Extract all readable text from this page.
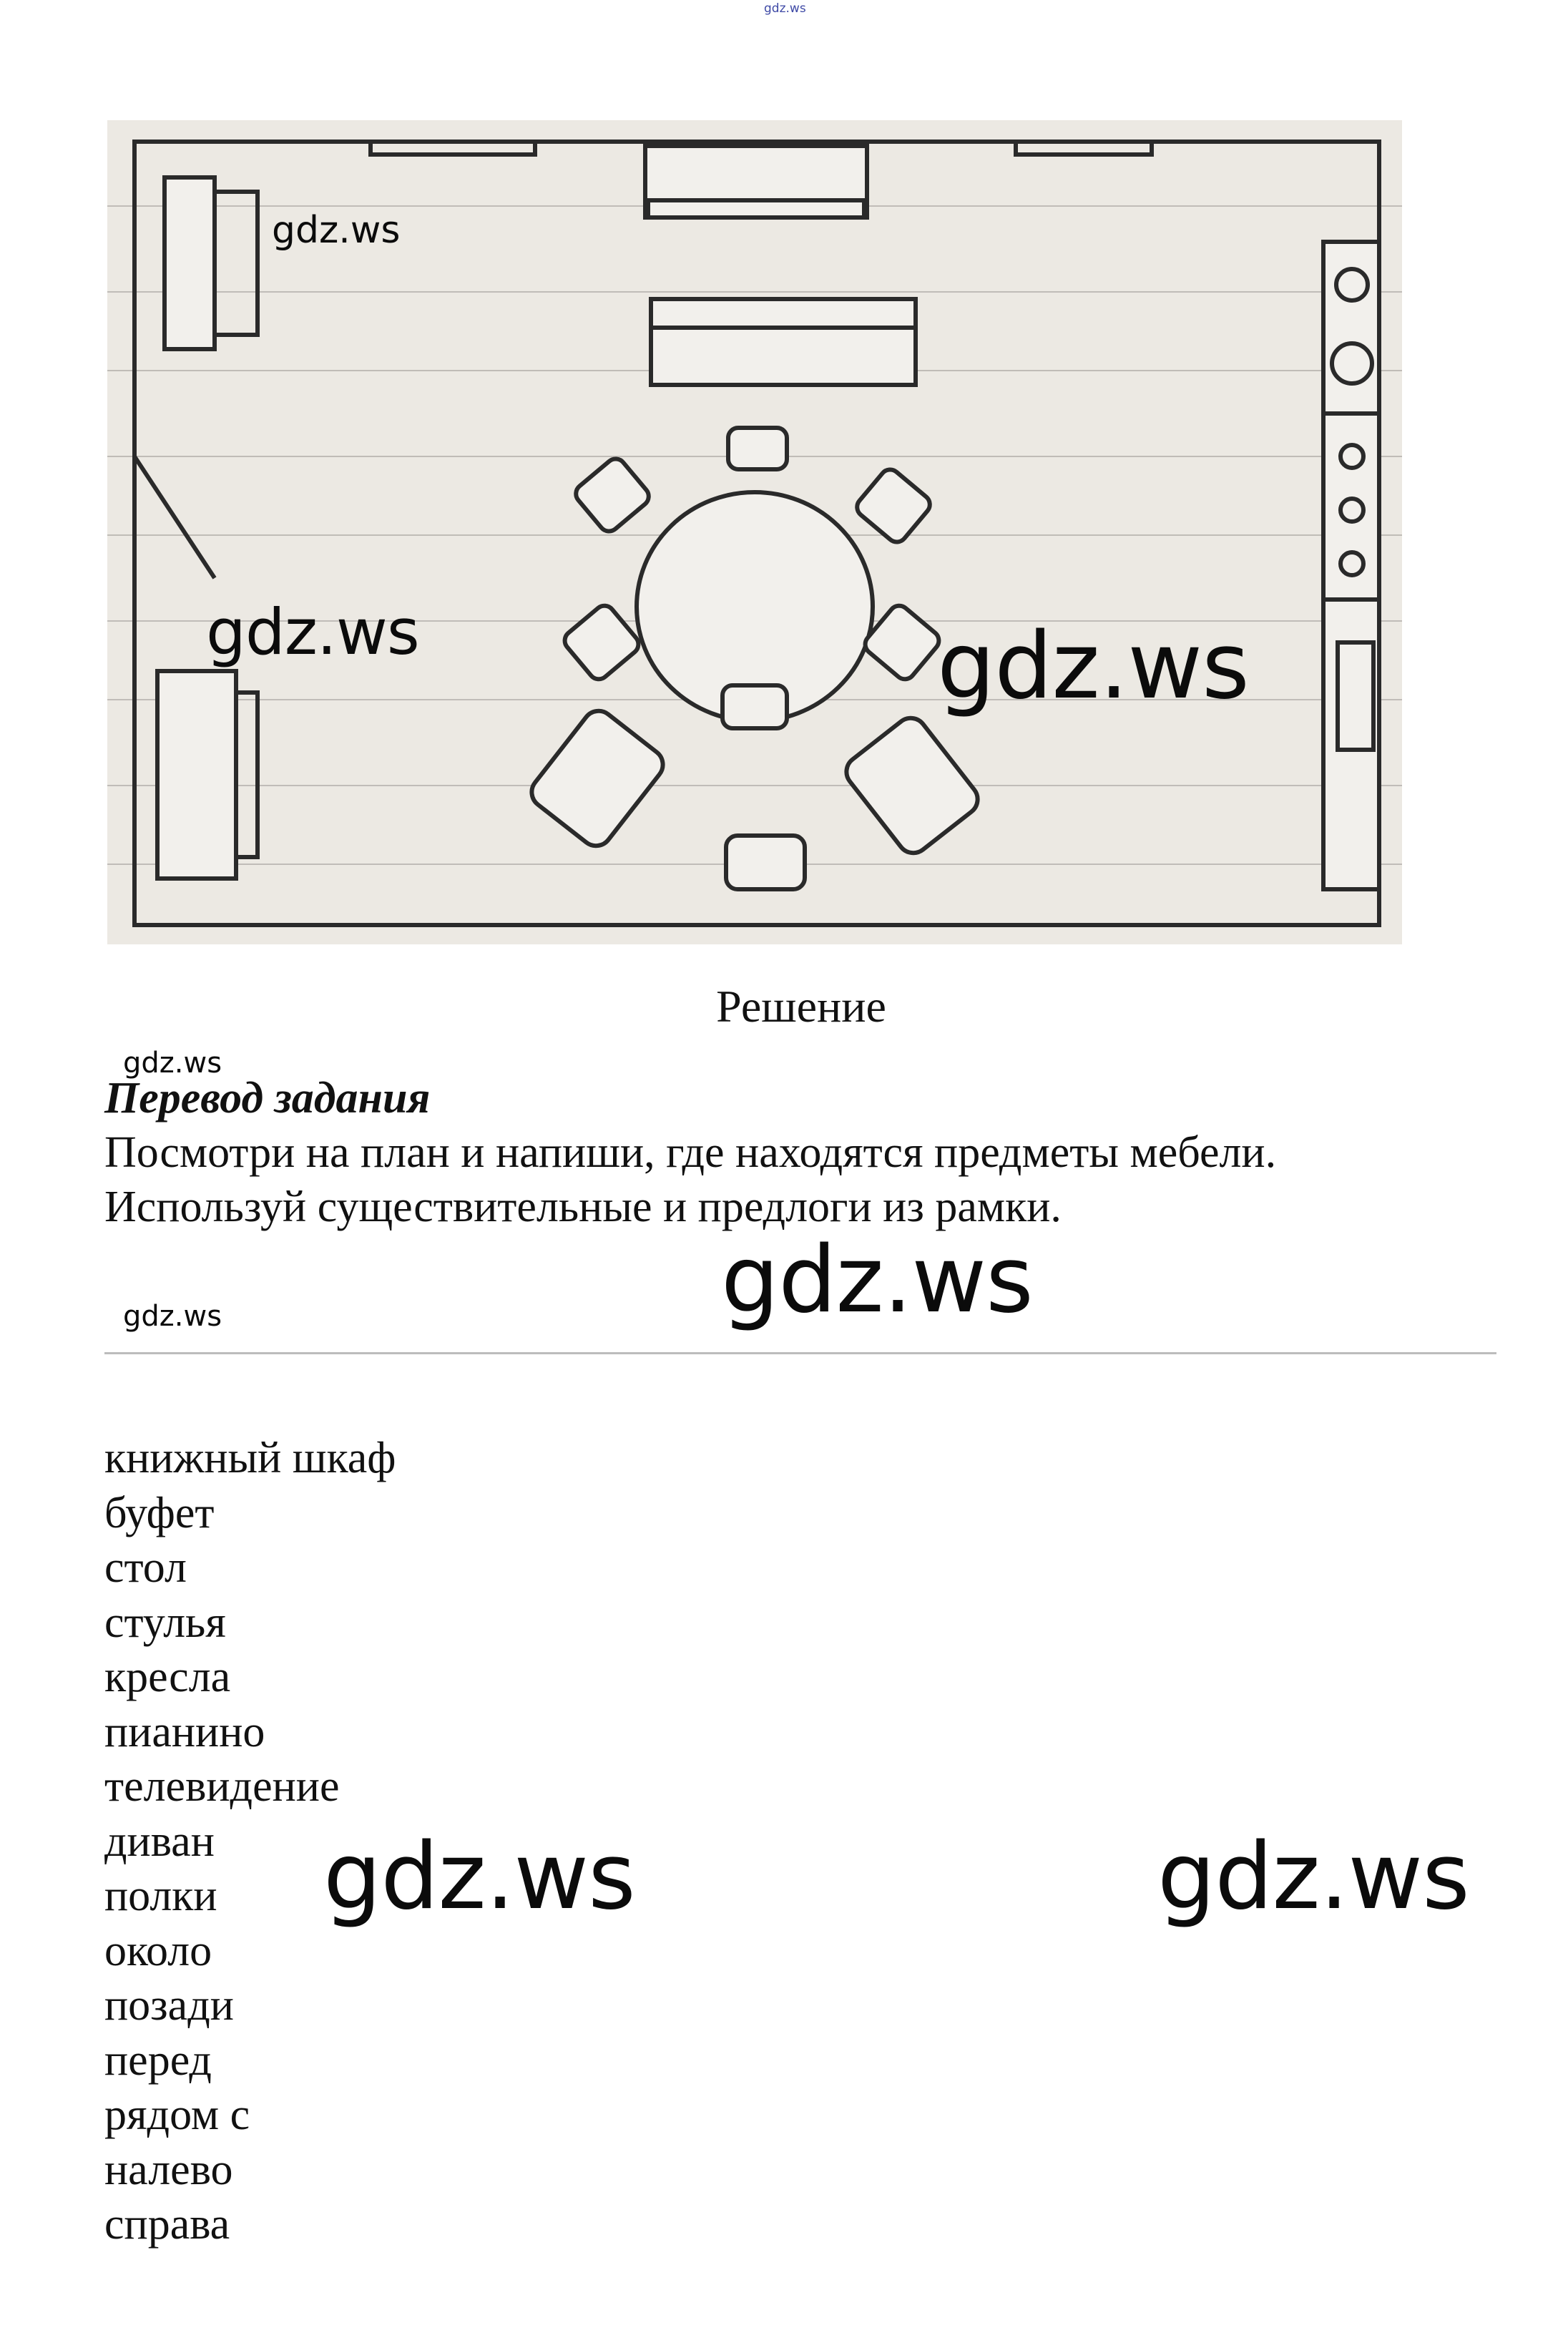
gdz.ws
gdz.ws
gdz.ws	gdz.ws
Решение
gdz.ws
Перевод задания
Посмотри на план и напиши, где находятся предметы мебели.
Используй существительные и предлоги из рамки.
gdz.ws
gdz.ws
книжный шкаф
буфет
стол
стулья
кресла
пианино
телевидение
диван
полки
около
позади
перед
рядом с
налево
справа
gdz.ws	gdz.ws
